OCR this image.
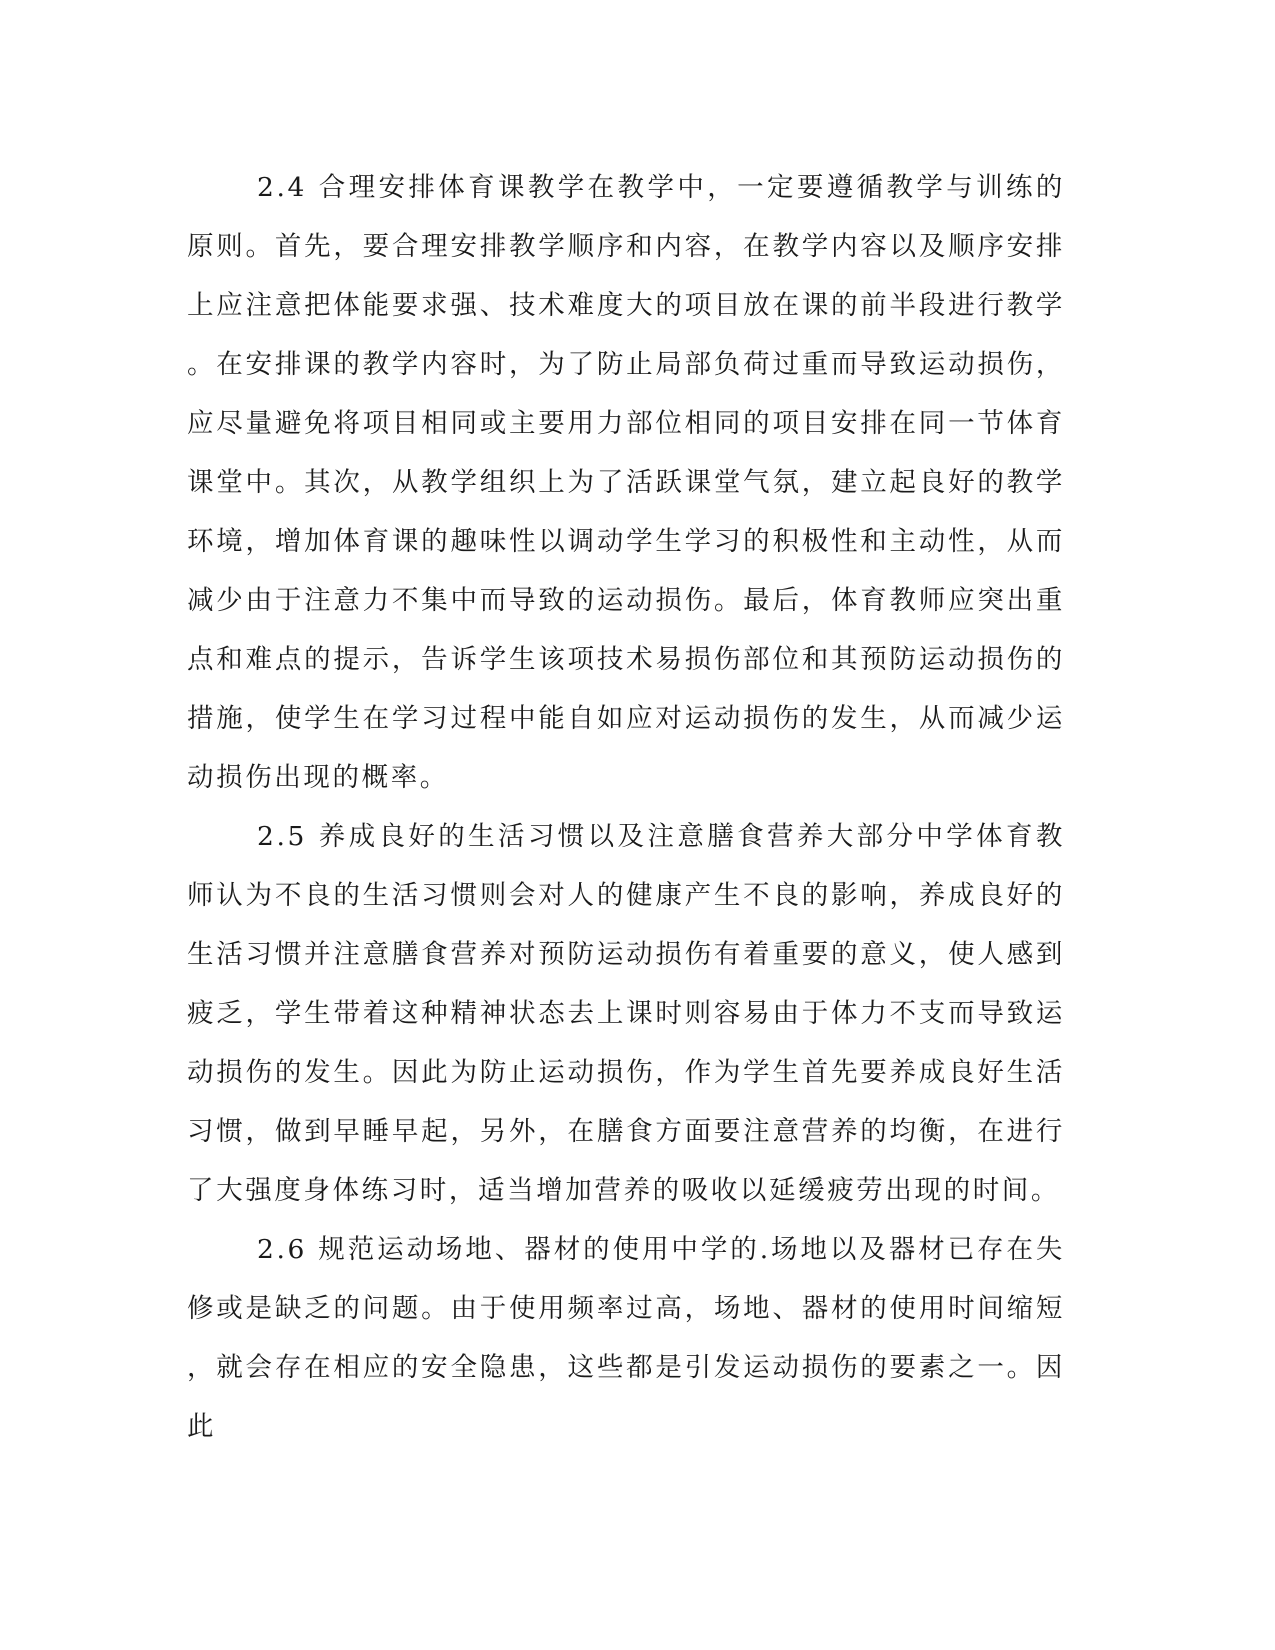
2.4 合理安排体育课教学在教学中，一定要遵循教学与训练的原则。首先，要合理安排教学顺序和内容，在教学内容以及顺序安排上应注意把体能要求强、技术难度大的项目放在课的前半段进行教学。在安排课的教学内容时，为了防止局部负荷过重而导致运动损伤，应尽量避免将项目相同或主要用力部位相同的项目安排在同一节体育课堂中。其次，从教学组织上为了活跃课堂气氛，建立起良好的教学环境，增加体育课的趣味性以调动学生学习的积极性和主动性，从而减少由于注意力不集中而导致的运动损伤。最后，体育教师应突出重点和难点的提示，告诉学生该项技术易损伤部位和其预防运动损伤的措施，使学生在学习过程中能自如应对运动损伤的发生，从而减少运动损伤出现的概率。

2.5 养成良好的生活习惯以及注意膳食营养大部分中学体育教师认为不良的生活习惯则会对人的健康产生不良的影响，养成良好的生活习惯并注意膳食营养对预防运动损伤有着重要的意义，使人感到疲乏，学生带着这种精神状态去上课时则容易由于体力不支而导致运动损伤的发生。因此为防止运动损伤，作为学生首先要养成良好生活习惯，做到早睡早起，另外，在膳食方面要注意营养的均衡，在进行了大强度身体练习时，适当增加营养的吸收以延缓疲劳出现的时间。

2.6 规范运动场地、器材的使用中学的.场地以及器材已存在失修或是缺乏的问题。由于使用频率过高，场地、器材的使用时间缩短，就会存在相应的安全隐患，这些都是引发运动损伤的要素之一。因此
